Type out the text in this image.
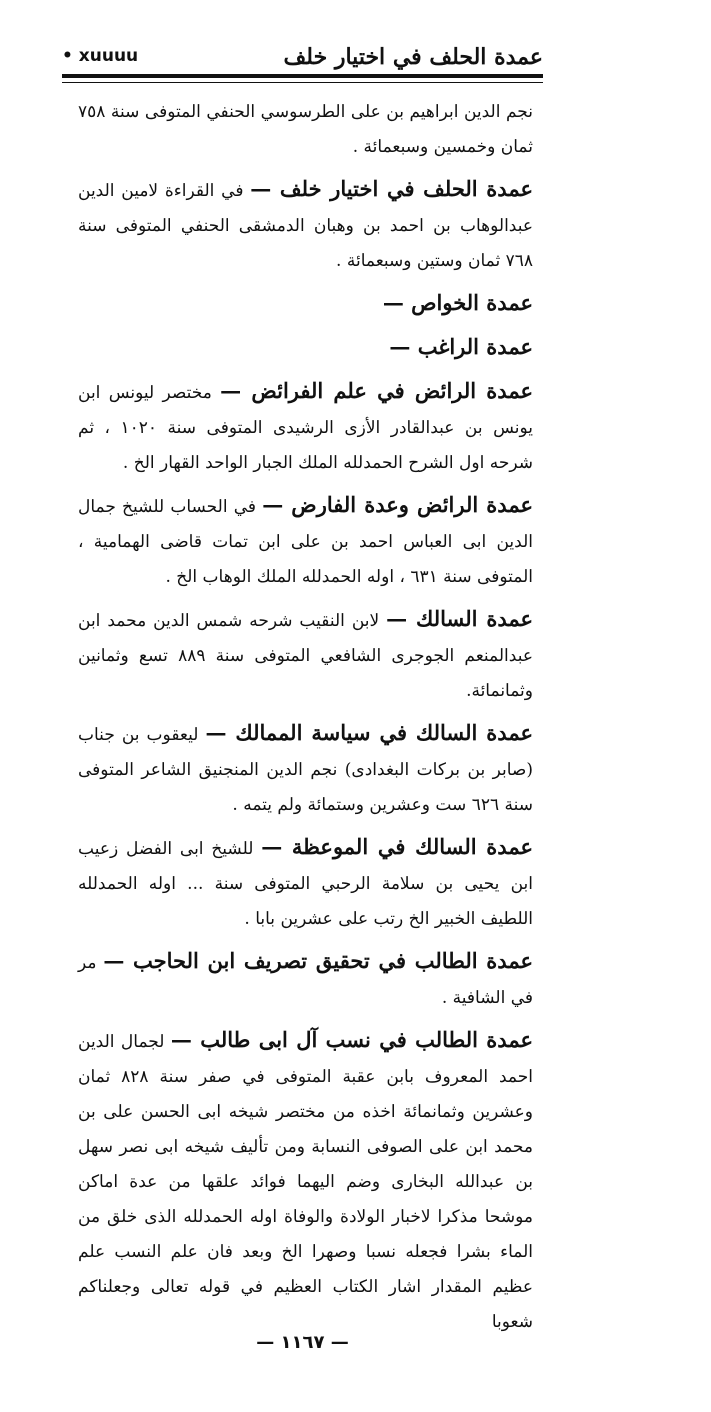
عمدة الحلف في اختيار خلف
• xuuuu
نجم الدين ابراهيم بن على الطرسوسي الحنفي المتوفى سنة ٧٥٨ ثمان وخمسين وسبعمائة .
عمدة الحلف في اختيار خلف — في القراءة لامين الدين عبدالوهاب بن احمد بن وهبان الدمشقى الحنفي المتوفى سنة ٧٦٨ ثمان وستين وسبعمائة .
عمدة الخواص —
عمدة الراغب —
عمدة الرائض في علم الفرائض — مختصر ليونس ابن يونس بن عبدالقادر الأزى الرشيدى المتوفى سنة ١٠٢٠ ، ثم شرحه اول الشرح الحمدلله الملك الجبار الواحد القهار الخ .
عمدة الرائض وعدة الفارض — في الحساب للشيخ جمال الدين ابى العباس احمد بن على ابن تمات قاضى الهمامية ، المتوفى سنة ٦٣١ ، اوله الحمدلله الملك الوهاب الخ .
عمدة السالك — لابن النقيب شرحه شمس الدين محمد ابن عبدالمنعم الجوجرى الشافعي المتوفى سنة ٨٨٩ تسع وثمانين وثمانمائة.
عمدة السالك في سياسة الممالك — ليعقوب بن جناب (صابر بن بركات البغدادى) نجم الدين المنجنيق الشاعر المتوفى سنة ٦٢٦ ست وعشرين وستمائة ولم يتمه .
عمدة السالك في الموعظة — للشيخ ابى الفضل زعيب ابن يحيى بن سلامة الرحبي المتوفى سنة ... اوله الحمدلله اللطيف الخبير الخ رتب على عشرين بابا .
عمدة الطالب في تحقيق تصريف ابن الحاجب — مر في الشافية .
عمدة الطالب في نسب آل ابى طالب — لجمال الدين احمد المعروف بابن عقبة المتوفى في صفر سنة ٨٢٨ ثمان وعشرين وثمانمائة اخذه من مختصر شيخه ابى الحسن على بن محمد ابن على الصوفى النسابة ومن تأليف شيخه ابى نصر سهل بن عبدالله البخارى وضم اليهما فوائد علقها من عدة اماكن موشحا مذكرا لاخبار الولادة والوفاة اوله الحمدلله الذى خلق من الماء بشرا فجعله نسبا وصهرا الخ وبعد فان علم النسب علم عظيم المقدار اشار الكتاب العظيم في قوله تعالى وجعلناكم شعوبا
— ١١٦٧ —
